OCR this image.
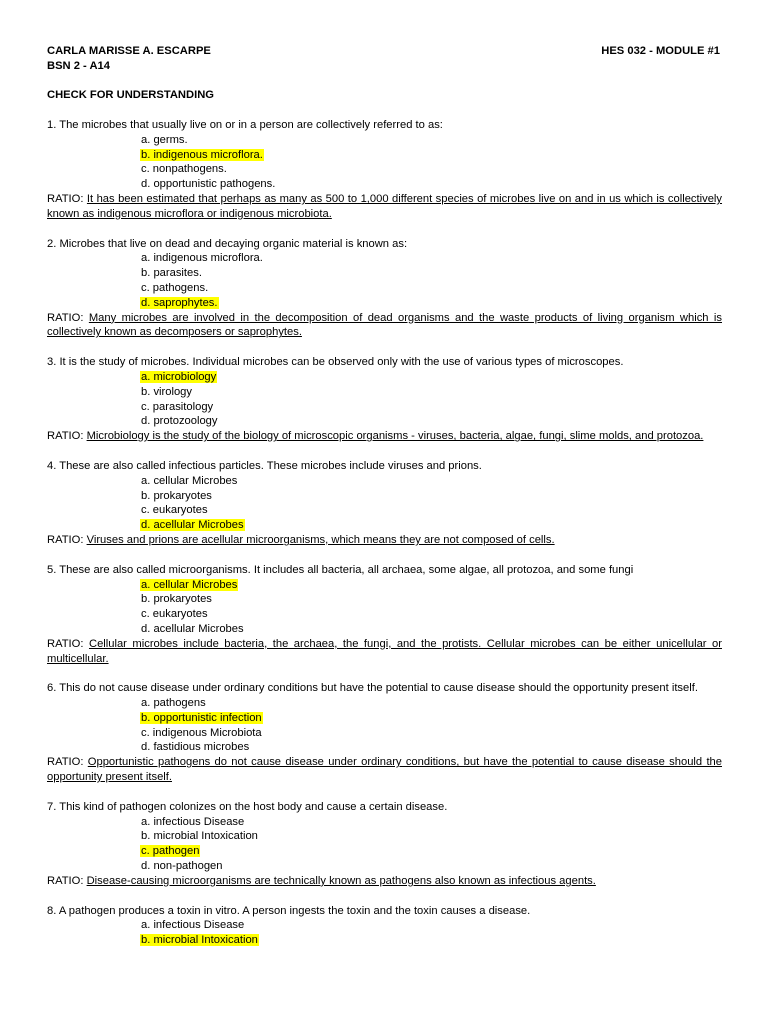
CARLA MARISSE A. ESCARPE
BSN 2 - A14
HES 032 - MODULE #1
CHECK FOR UNDERSTANDING
1. The microbes that usually live on or in a person are collectively referred to as:
a. germs.
b. indigenous microflora.
c. nonpathogens.
d. opportunistic pathogens.
RATIO: It has been estimated that perhaps as many as 500 to 1,000 different species of microbes live on and in us which is collectively known as indigenous microflora or indigenous microbiota.
2. Microbes that live on dead and decaying organic material is known as:
a. indigenous microflora.
b. parasites.
c. pathogens.
d. saprophytes.
RATIO: Many microbes are involved in the decomposition of dead organisms and the waste products of living organism which is collectively known as decomposers or saprophytes.
3. It is the study of microbes. Individual microbes can be observed only with the use of various types of microscopes.
a. microbiology
b. virology
c. parasitology
d. protozoology
RATIO: Microbiology is the study of the biology of microscopic organisms - viruses, bacteria, algae, fungi, slime molds, and protozoa.
4. These are also called infectious particles. These microbes include viruses and prions.
a. cellular Microbes
b. prokaryotes
c. eukaryotes
d. acellular Microbes
RATIO: Viruses and prions are acellular microorganisms, which means they are not composed of cells.
5. These are also called microorganisms. It includes all bacteria, all archaea, some algae, all protozoa, and some fungi
a. cellular Microbes
b. prokaryotes
c. eukaryotes
d. acellular Microbes
RATIO: Cellular microbes include bacteria, the archaea, the fungi, and the protists. Cellular microbes can be either unicellular or multicellular.
6. This do not cause disease under ordinary conditions but have the potential to cause disease should the opportunity present itself.
a. pathogens
b. opportunistic infection
c. indigenous Microbiota
d. fastidious microbes
RATIO: Opportunistic pathogens do not cause disease under ordinary conditions, but have the potential to cause disease should the opportunity present itself.
7. This kind of pathogen colonizes on the host body and cause a certain disease.
a. infectious Disease
b. microbial Intoxication
c. pathogen
d. non-pathogen
RATIO: Disease-causing microorganisms are technically known as pathogens also known as infectious agents.
8. A pathogen produces a toxin in vitro. A person ingests the toxin and the toxin causes a disease.
a. infectious Disease
b. microbial Intoxication
